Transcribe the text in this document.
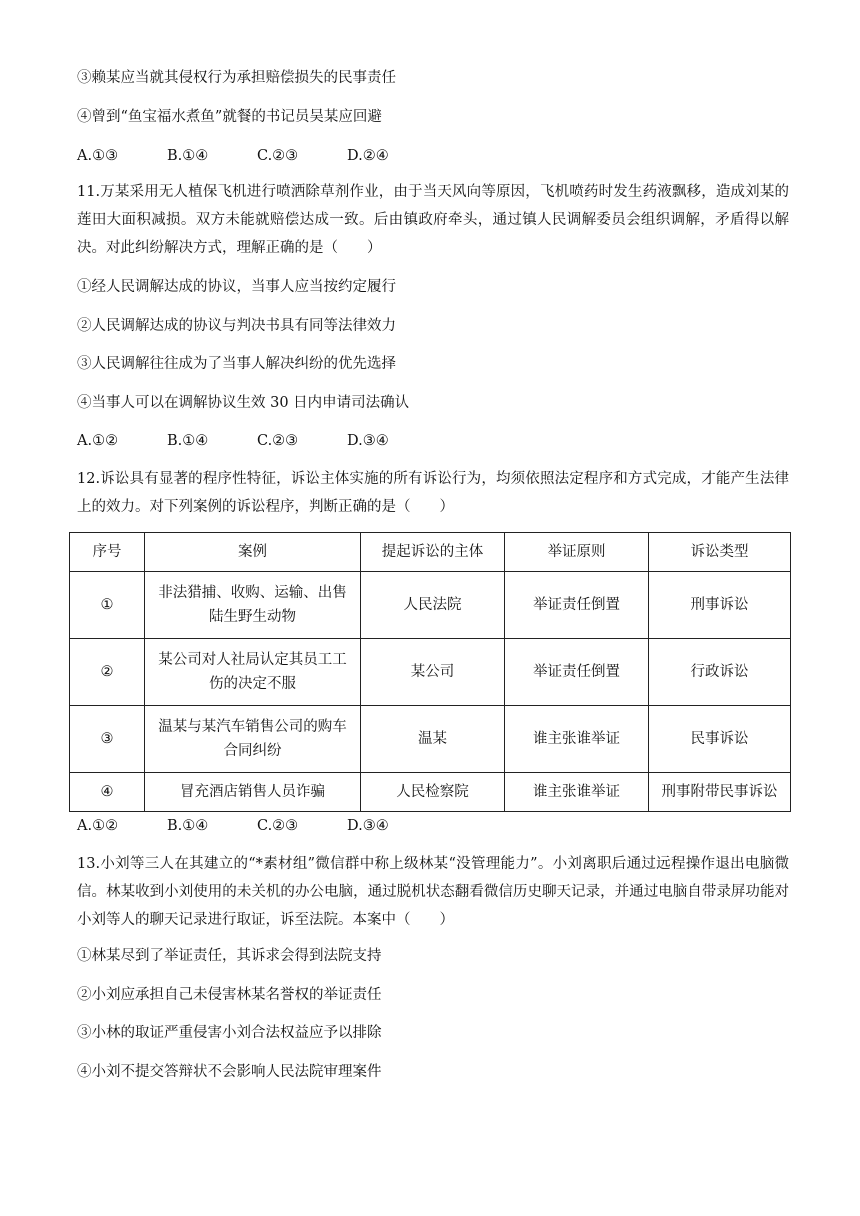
③赖某应当就其侵权行为承担赔偿损失的民事责任
④曾到“鱼宝福水煮鱼”就餐的书记员吴某应回避
A.①③	B.①④	C.②③	D.②④
11.万某采用无人植保飞机进行喷洒除草剂作业，由于当天风向等原因，飞机喷药时发生药液飘移，造成刘某的莲田大面积减损。双方未能就赔偿达成一致。后由镇政府牵头，通过镇人民调解委员会组织调解，矛盾得以解决。对此纠纷解决方式，理解正确的是（　　）
①经人民调解达成的协议，当事人应当按约定履行
②人民调解达成的协议与判决书具有同等法律效力
③人民调解往往成为了当事人解决纠纷的优先选择
④当事人可以在调解协议生效 30 日内申请司法确认
A.①②	B.①④	C.②③	D.③④
12.诉讼具有显著的程序性特征，诉讼主体实施的所有诉讼行为，均须依照法定程序和方式完成，才能产生法律上的效力。对下列案例的诉讼程序，判断正确的是（　　）
序号	案例	提起诉讼的主体	举证原则	诉讼类型
①	非法猎捕、收购、运输、出售
陆生野生动物	人民法院	举证责任倒置	刑事诉讼
②	某公司对人社局认定其员工工
伤的决定不服	某公司	举证责任倒置	行政诉讼
③	温某与某汽车销售公司的购车
合同纠纷	温某	谁主张谁举证	民事诉讼
④	冒充酒店销售人员诈骗	人民检察院	谁主张谁举证	刑事附带民事诉讼
A.①②	B.①④	C.②③	D.③④
13.小刘等三人在其建立的“*素材组”微信群中称上级林某“没管理能力”。小刘离职后通过远程操作退出电脑微信。林某收到小刘使用的未关机的办公电脑，通过脱机状态翻看微信历史聊天记录，并通过电脑自带录屏功能对小刘等人的聊天记录进行取证，诉至法院。本案中（　　）
①林某尽到了举证责任，其诉求会得到法院支持
②小刘应承担自己未侵害林某名誉权的举证责任
③小林的取证严重侵害小刘合法权益应予以排除
④小刘不提交答辩状不会影响人民法院审理案件
